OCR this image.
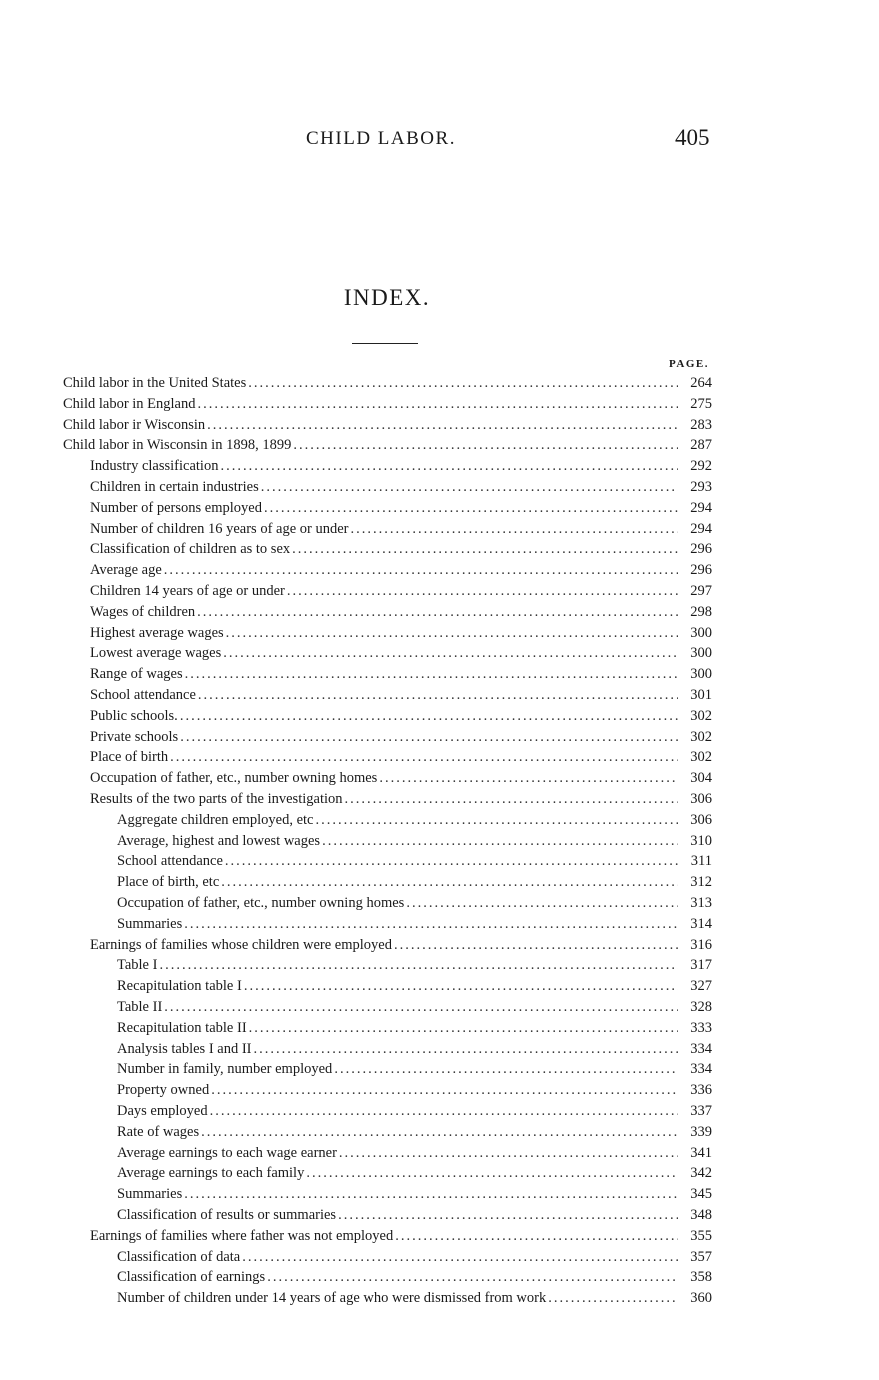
CHILD LABOR.	405
INDEX.
PAGE.
Child labor in the United States .....	264
Child labor in England .....	275
Child labor ir Wisconsin .....	283
Child labor in Wisconsin in 1898, 1899 .....	287
Industry classification .....	292
Children in certain industries .....	293
Number of persons employed .....	294
Number of children 16 years of age or under .....	294
Classification of children as to sex .....	296
Average age .....	296
Children 14 years of age or under .....	297
Wages of children .....	298
Highest average wages .....	300
Lowest average wages .....	300
Range of wages .....	300
School attendance .....	301
Public schools. .....	302
Private schools .....	302
Place of birth .....	302
Occupation of father, etc., number owning homes .....	304
Results of the two parts of the investigation .....	306
Aggregate children employed, etc .....	306
Average, highest and lowest wages .....	310
School attendance .....	311
Place of birth, etc .....	312
Occupation of father, etc., number owning homes .....	313
Summaries .....	314
Earnings of families whose children were employed .....	316
Table I .....	317
Recapitulation table I .....	327
Table II .....	328
Recapitulation table II .....	333
Analysis tables I and II .....	334
Number in family, number employed .....	334
Property owned .....	336
Days employed .....	337
Rate of wages .....	339
Average earnings to each wage earner .....	341
Average earnings to each family .....	342
Summaries .....	345
Classification of results or summaries .....	348
Earnings of families where father was not employed .....	355
Classification of data .....	357
Classification of earnings .....	358
Number of children under 14 years of age who were dismissed from work .....	360
